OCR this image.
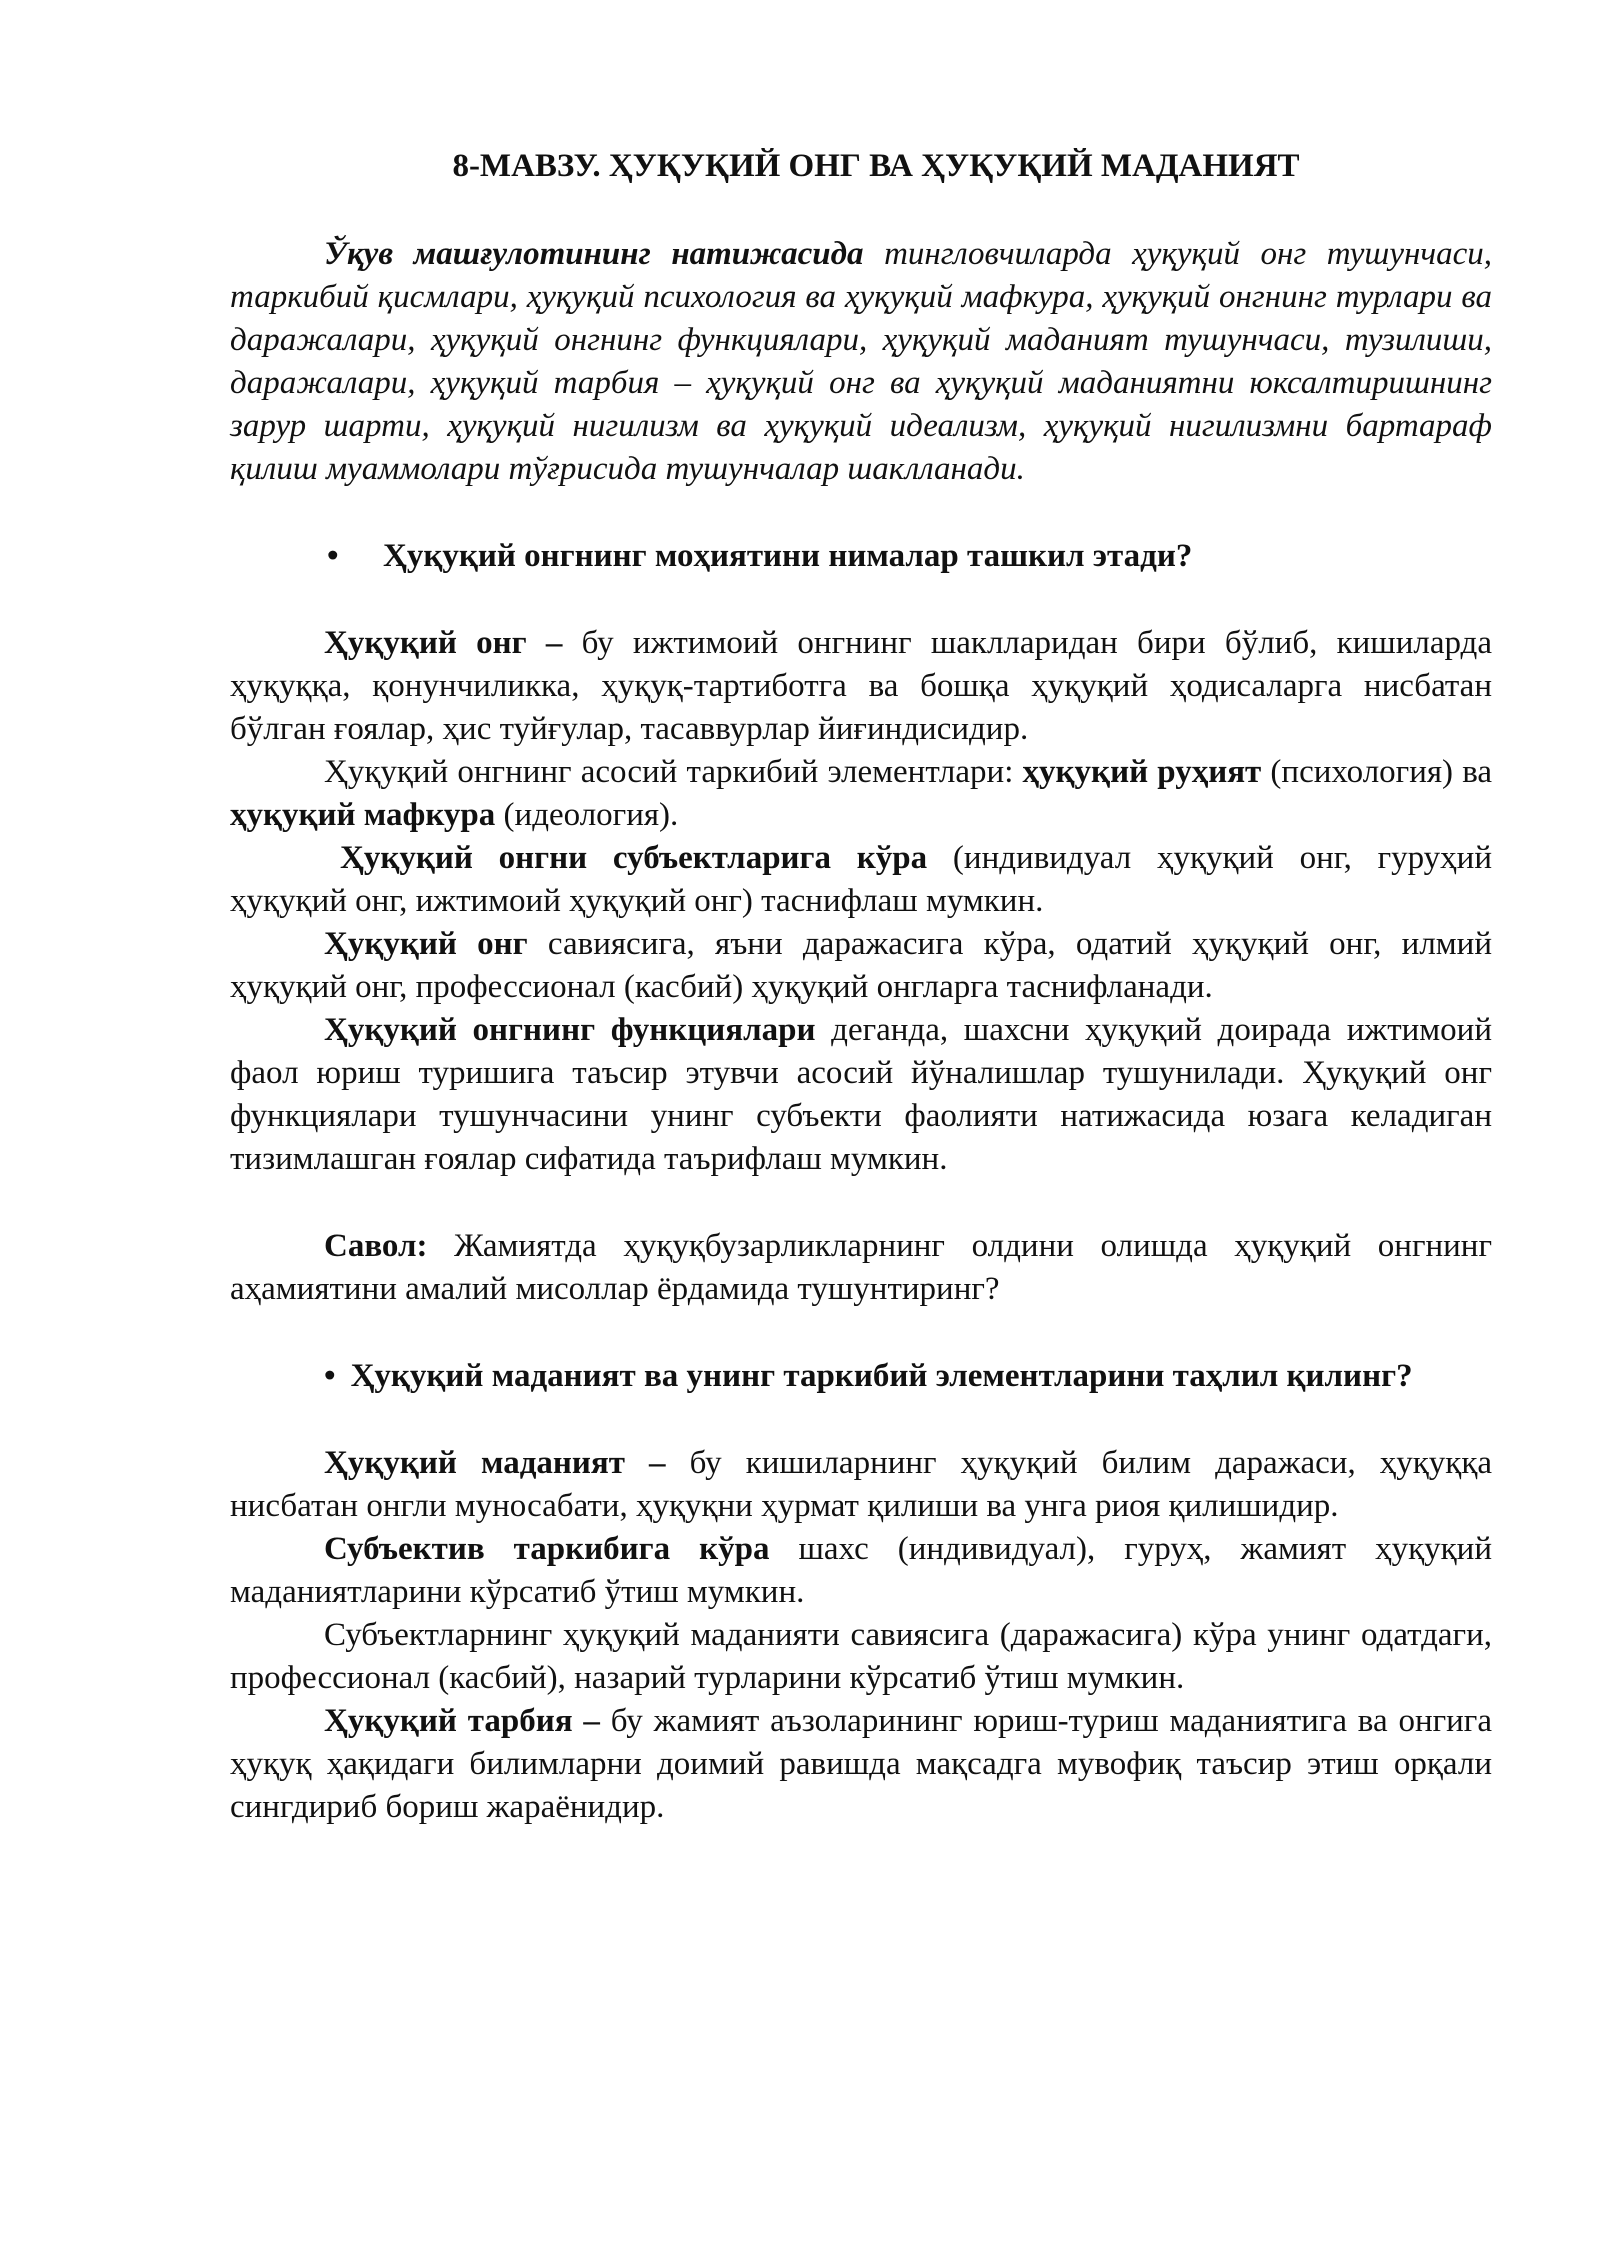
8-МАВЗУ. ҲУҚУҚИЙ ОНГ ВА ҲУҚУҚИЙ МАДАНИЯТ

Ўқув машғулотининг натижасида тингловчиларда ҳуқуқий онг тушунчаси, таркибий қисмлари, ҳуқуқий психология ва ҳуқуқий мафкура, ҳуқуқий онгнинг турлари ва даражалари, ҳуқуқий онгнинг функциялари, ҳуқуқий маданият тушунчаси, тузилиши, даражалари, ҳуқуқий тарбия – ҳуқуқий онг ва ҳуқуқий маданиятни юксалтиришнинг зарур шарти, ҳуқуқий нигилизм ва ҳуқуқий идеализм, ҳуқуқий нигилизмни бартараф қилиш муаммолари тўғрисида тушунчалар шаклланади.

• Ҳуқуқий онгнинг моҳиятини нималар ташкил этади?

Ҳуқуқий онг – бу ижтимоий онгнинг шаклларидан бири бўлиб, кишиларда ҳуқуққа, қонунчиликка, ҳуқуқ-тартиботга ва бошқа ҳуқуқий ҳодисаларга нисбатан бўлган ғоялар, ҳис туйғулар, тасаввурлар йиғиндисидир.

Ҳуқуқий онгнинг асосий таркибий элементлари: ҳуқуқий руҳият (психология) ва ҳуқуқий мафкура (идеология).

Ҳуқуқий онгни субъектларига кўра (индивидуал ҳуқуқий онг, гуруҳий ҳуқуқий онг, ижтимоий ҳуқуқий онг) таснифлаш мумкин.

Ҳуқуқий онг савиясига, яъни даражасига кўра, одатий ҳуқуқий онг, илмий ҳуқуқий онг, профессионал (касбий) ҳуқуқий онгларга таснифланади.

Ҳуқуқий онгнинг функциялари деганда, шахсни ҳуқуқий доирада ижтимоий фаол юриш туришига таъсир этувчи асосий йўналишлар тушунилади. Ҳуқуқий онг функциялари тушунчасини унинг субъекти фаолияти натижасида юзага келадиган тизимлашган ғоялар сифатида таърифлаш мумкин.

Савол: Жамиятда ҳуқуқбузарликларнинг олдини олишда ҳуқуқий онгнинг аҳамиятини амалий мисоллар ёрдамида тушунтиринг?

• Ҳуқуқий маданият ва унинг таркибий элементларини таҳлил қилинг?

Ҳуқуқий маданият – бу кишиларнинг ҳуқуқий билим даражаси, ҳуқуққа нисбатан онгли муносабати, ҳуқуқни ҳурмат қилиши ва унга риоя қилишидир.

Субъектив таркибига кўра шахс (индивидуал), гуруҳ, жамият ҳуқуқий маданиятларини кўрсатиб ўтиш мумкин.

Субъектларнинг ҳуқуқий маданияти савиясига (даражасига) кўра унинг одатдаги, профессионал (касбий), назарий турларини кўрсатиб ўтиш мумкин.

Ҳуқуқий тарбия – бу жамият аъзоларининг юриш-туриш маданиятига ва онгига ҳуқуқ ҳақидаги билимларни доимий равишда мақсадга мувофиқ таъсир этиш орқали сингдириб бориш жараёнидир.
